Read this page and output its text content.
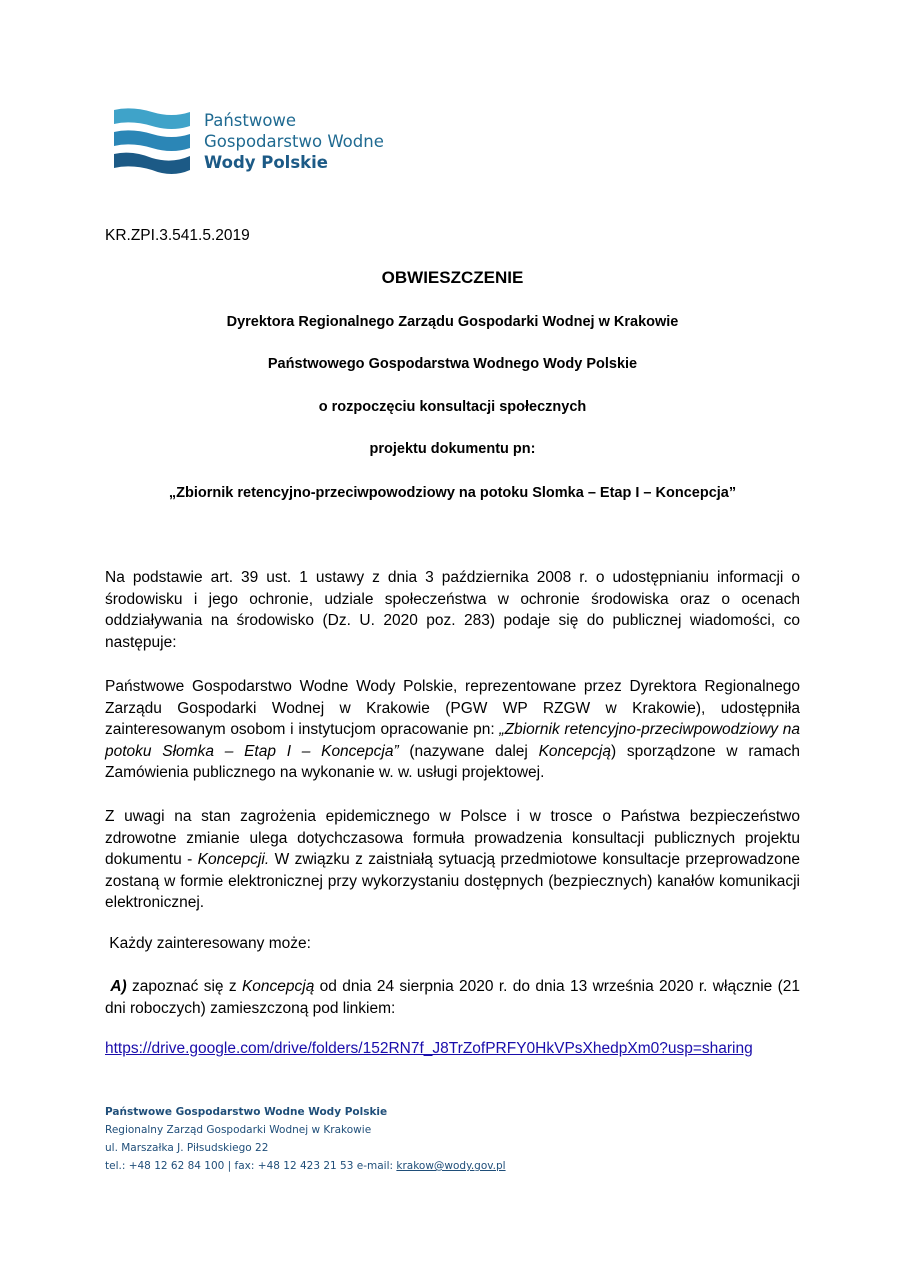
Państwowe
Gospodarstwo Wodne
Wody Polskie
KR.ZPI.3.541.5.2019
OBWIESZCZENIE
Dyrektora Regionalnego Zarządu Gospodarki Wodnej w Krakowie
Państwowego Gospodarstwa Wodnego Wody Polskie
o rozpoczęciu konsultacji społecznych
projektu dokumentu pn:
„Zbiornik retencyjno-przeciwpowodziowy na potoku Slomka – Etap I – Koncepcja”
Na podstawie art. 39 ust. 1 ustawy z dnia 3 października 2008 r. o udostępnianiu informacji o środowisku i jego ochronie, udziale społeczeństwa w ochronie środowiska oraz o ocenach oddziaływania na środowisko (Dz. U. 2020 poz. 283) podaje się do publicznej wiadomości, co następuje:
Państwowe Gospodarstwo Wodne Wody Polskie, reprezentowane przez Dyrektora Regionalnego Zarządu Gospodarki Wodnej w Krakowie (PGW WP RZGW w Krakowie), udostępniła zainteresowanym osobom i instytucjom opracowanie pn: „Zbiornik retencyjno-przeciwpowodziowy na potoku Słomka – Etap I – Koncepcja” (nazywane dalej Koncepcją) sporządzone w ramach Zamówienia publicznego na wykonanie w. w. usługi projektowej.
Z uwagi na stan zagrożenia epidemicznego w Polsce i w trosce o Państwa bezpieczeństwo zdrowotne zmianie ulega dotychczasowa formuła prowadzenia konsultacji publicznych projektu dokumentu - Koncepcji. W związku z zaistniałą sytuacją przedmiotowe konsultacje przeprowadzone zostaną w formie elektronicznej przy wykorzystaniu dostępnych (bezpiecznych) kanałów komunikacji elektronicznej.
Każdy zainteresowany może:
A) zapoznać się z Koncepcją od dnia 24 sierpnia 2020 r. do dnia 13 września 2020 r. włącznie (21 dni roboczych) zamieszczoną pod linkiem:
https://drive.google.com/drive/folders/152RN7f_J8TrZofPRFY0HkVPsXhedpXm0?usp=sharing
Państwowe Gospodarstwo Wodne Wody Polskie
Regionalny Zarząd Gospodarki Wodnej w Krakowie
ul. Marszałka J. Piłsudskiego 22
tel.: +48 12 62 84 100 | fax: +48 12 423 21 53 e-mail: krakow@wody.gov.pl
